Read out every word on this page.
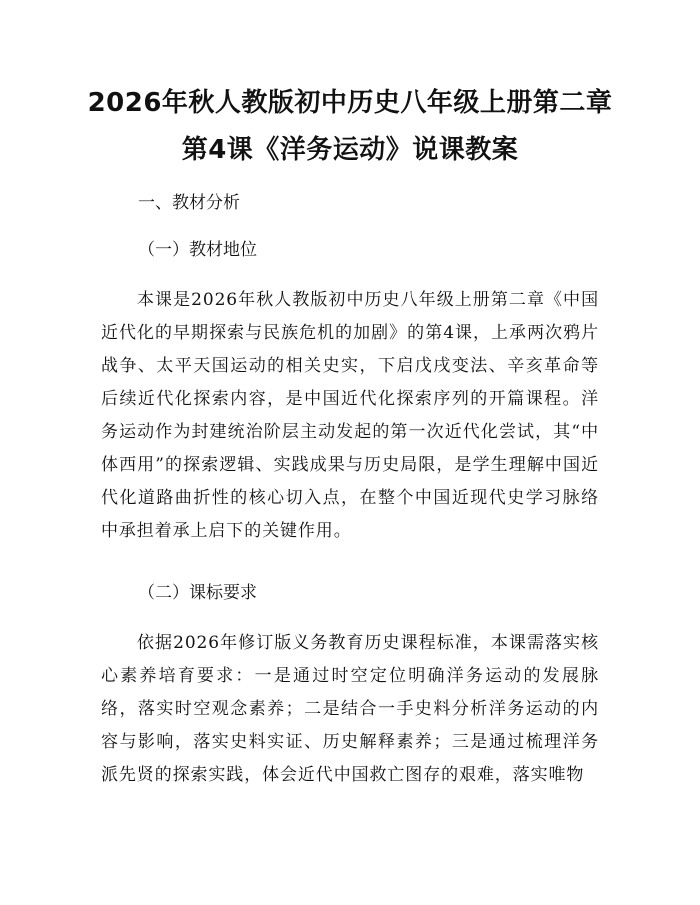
2026年秋人教版初中历史八年级上册第二章
第4课《洋务运动》说课教案

一、教材分析

（一）教材地位

本课是2026年秋人教版初中历史八年级上册第二章《中国近代化的早期探索与民族危机的加剧》的第4课，上承两次鸦片战争、太平天国运动的相关史实，下启戊戌变法、辛亥革命等后续近代化探索内容，是中国近代化探索序列的开篇课程。洋务运动作为封建统治阶层主动发起的第一次近代化尝试，其“中体西用”的探索逻辑、实践成果与历史局限，是学生理解中国近代化道路曲折性的核心切入点，在整个中国近现代史学习脉络中承担着承上启下的关键作用。

（二）课标要求

依据2026年修订版义务教育历史课程标准，本课需落实核心素养培育要求：一是通过时空定位明确洋务运动的发展脉络，落实时空观念素养；二是结合一手史料分析洋务运动的内容与影响，落实史料实证、历史解释素养；三是通过梳理洋务派先贤的探索实践，体会近代中国救亡图存的艰难，落实唯物
